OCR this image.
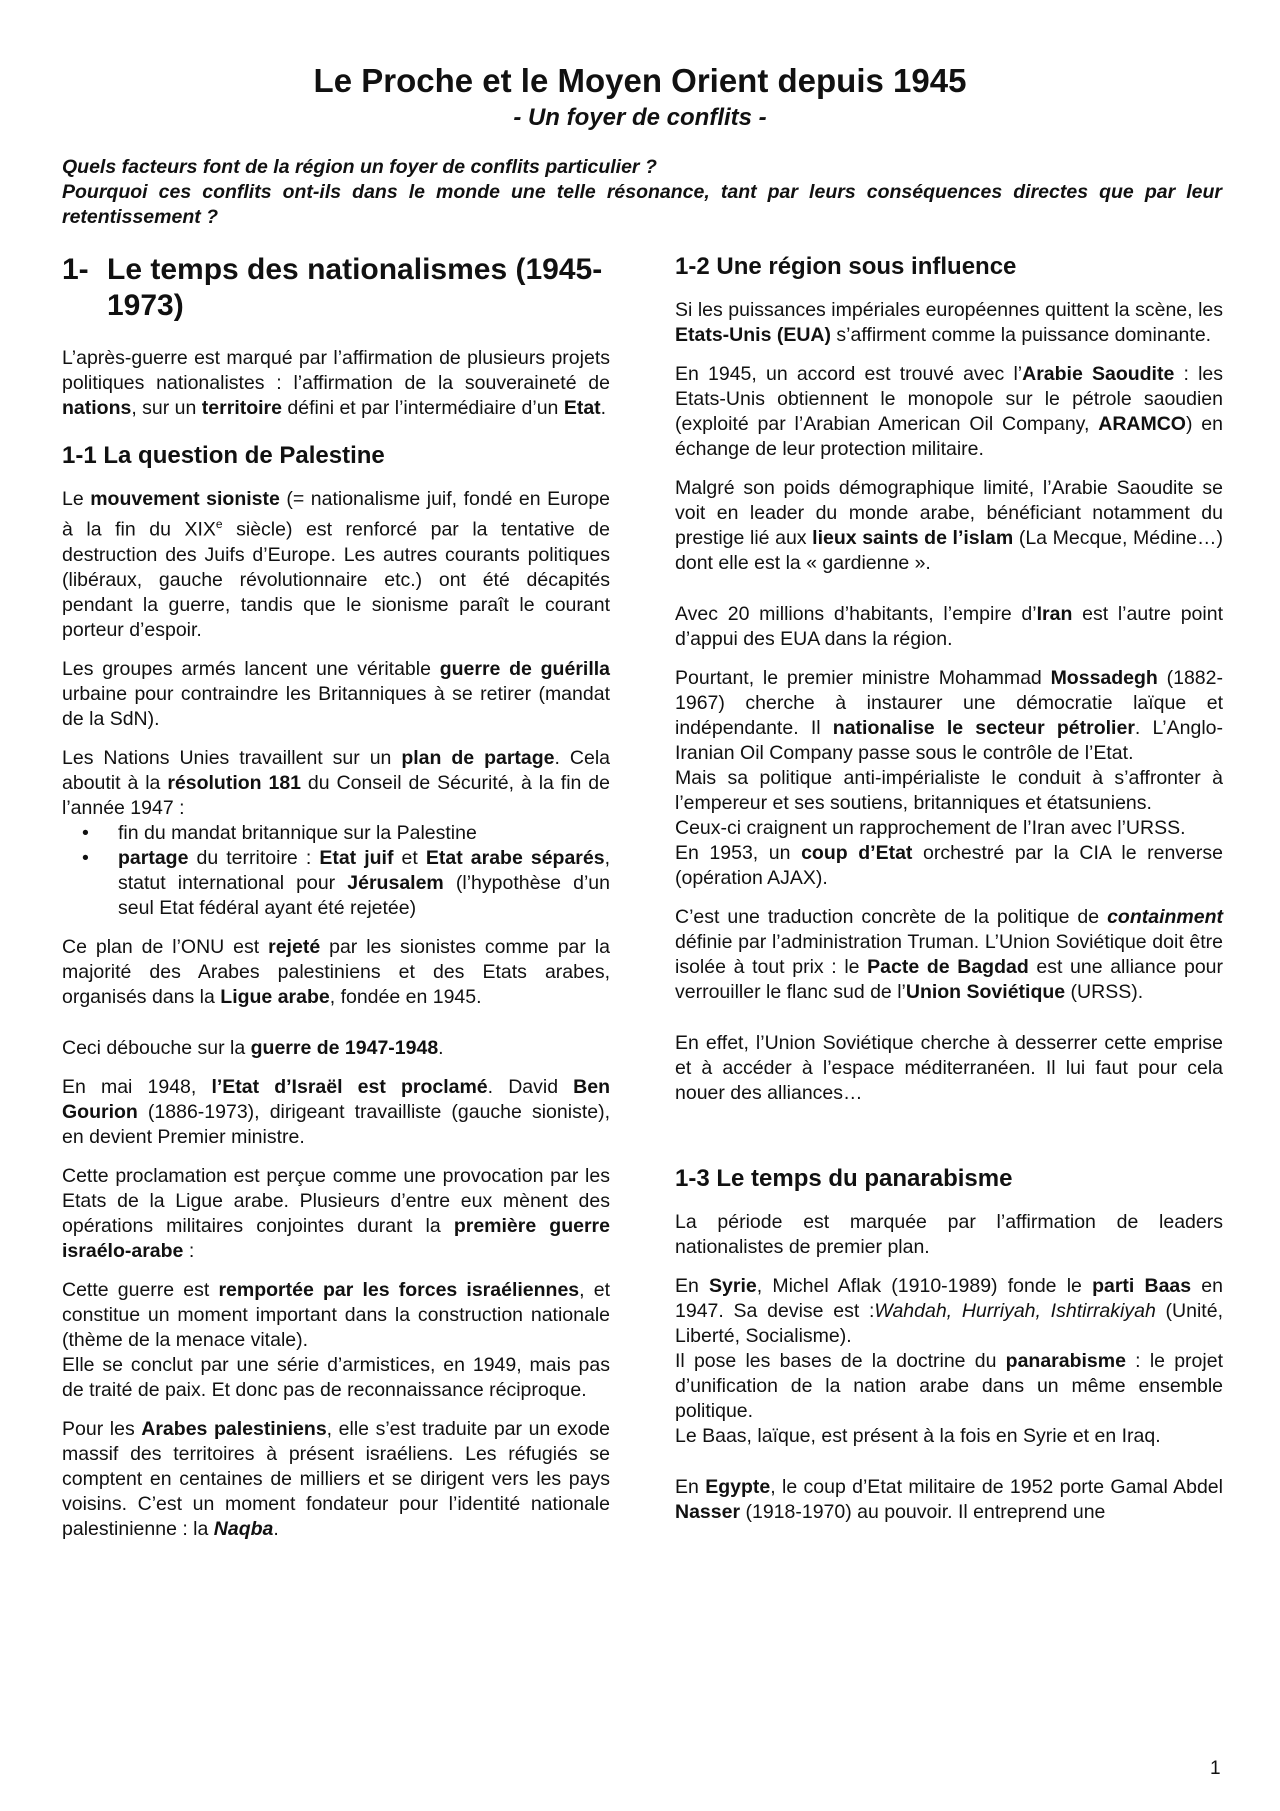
Le Proche et le Moyen Orient depuis 1945
- Un foyer de conflits -

Quels facteurs font de la région un foyer de conflits particulier ?

Pourquoi ces conflits ont-ils dans le monde une telle résonance, tant par leurs conséquences directes que par leur retentissement ?

1- Le temps des nationalismes (1945-1973)

L’après-guerre est marqué par l’affirmation de plusieurs projets politiques nationalistes : l’affirmation de la souveraineté de nations, sur un territoire défini et par l’intermédiaire d’un Etat.

1-1 La question de Palestine

Le mouvement sioniste (= nationalisme juif, fondé en Europe à la fin du XIXe siècle) est renforcé par la tentative de destruction des Juifs d’Europe. Les autres courants politiques (libéraux, gauche révolutionnaire etc.) ont été décapités pendant la guerre, tandis que le sionisme paraît le courant porteur d’espoir.

Les groupes armés lancent une véritable guerre de guérilla urbaine pour contraindre les Britanniques à se retirer (mandat de la SdN).

Les Nations Unies travaillent sur un plan de partage. Cela aboutit à la résolution 181 du Conseil de Sécurité, à la fin de l’année 1947 :

• fin du mandat britannique sur la Palestine
• partage du territoire : Etat juif et Etat arabe séparés, statut international pour Jérusalem (l’hypothèse d’un seul Etat fédéral ayant été rejetée)

Ce plan de l’ONU est rejeté par les sionistes comme par la majorité des Arabes palestiniens et des Etats arabes, organisés dans la Ligue arabe, fondée en 1945.

Ceci débouche sur la guerre de 1947-1948.

En mai 1948, l’Etat d’Israël est proclamé. David Ben Gourion (1886-1973), dirigeant travailliste (gauche sioniste), en devient Premier ministre.

Cette proclamation est perçue comme une provocation par les Etats de la Ligue arabe. Plusieurs d’entre eux mènent des opérations militaires conjointes durant la première guerre israélo-arabe :

Cette guerre est remportée par les forces israéliennes, et constitue un moment important dans la construction nationale (thème de la menace vitale).
Elle se conclut par une série d’armistices, en 1949, mais pas de traité de paix. Et donc pas de reconnaissance réciproque.

Pour les Arabes palestiniens, elle s’est traduite par un exode massif des territoires à présent israéliens. Les réfugiés se comptent en centaines de milliers et se dirigent vers les pays voisins. C’est un moment fondateur pour l’identité nationale palestinienne : la Naqba.

1-2 Une région sous influence

Si les puissances impériales européennes quittent la scène, les Etats-Unis (EUA) s’affirment comme la puissance dominante.

En 1945, un accord est trouvé avec l’Arabie Saoudite : les Etats-Unis obtiennent le monopole sur le pétrole saoudien (exploité par l’Arabian American Oil Company, ARAMCO) en échange de leur protection militaire.

Malgré son poids démographique limité, l’Arabie Saoudite se voit en leader du monde arabe, bénéficiant notamment du prestige lié aux lieux saints de l’islam (La Mecque, Médine…) dont elle est la « gardienne ».

Avec 20 millions d’habitants, l’empire d’Iran est l’autre point d’appui des EUA dans la région.

Pourtant, le premier ministre Mohammad Mossadegh (1882-1967) cherche à instaurer une démocratie laïque et indépendante. Il nationalise le secteur pétrolier. L’Anglo-Iranian Oil Company passe sous le contrôle de l’Etat.
Mais sa politique anti-impérialiste le conduit à s’affronter à l’empereur et ses soutiens, britanniques et étatsuniens.
Ceux-ci craignent un rapprochement de l’Iran avec l’URSS.
En 1953, un coup d’Etat orchestré par la CIA le renverse (opération AJAX).

C’est une traduction concrète de la politique de containment définie par l’administration Truman. L’Union Soviétique doit être isolée à tout prix : le Pacte de Bagdad est une alliance pour verrouiller le flanc sud de l’Union Soviétique (URSS).

En effet, l’Union Soviétique cherche à desserrer cette emprise et à accéder à l’espace méditerranéen. Il lui faut pour cela nouer des alliances…

1-3 Le temps du panarabisme

La période est marquée par l’affirmation de leaders nationalistes de premier plan.

En Syrie, Michel Aflak (1910-1989) fonde le parti Baas en 1947. Sa devise est :Wahdah, Hurriyah, Ishtirrakiyah (Unité, Liberté, Socialisme).
Il pose les bases de la doctrine du panarabisme : le projet d’unification de la nation arabe dans un même ensemble politique.
Le Baas, laïque, est présent à la fois en Syrie et en Iraq.

En Egypte, le coup d’Etat militaire de 1952 porte Gamal Abdel Nasser (1918-1970) au pouvoir. Il entreprend une

1
